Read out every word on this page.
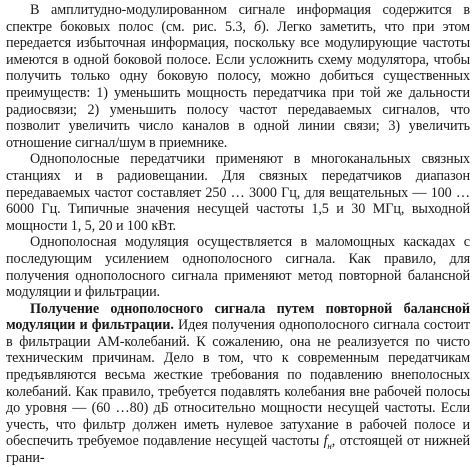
В амплитудно-модулированном сигнале информация содержится в спектре боковых полос (см. рис. 5.3, б). Легко заметить, что при этом передается избыточная информация, поскольку все модулирующие частоты имеются в одной боковой полосе. Если усложнить схему модулятора, чтобы получить только одну боковую полосу, можно добиться существенных преимуществ: 1) уменьшить мощность передатчика при той же дальности радиосвязи; 2) уменьшить полосу частот передаваемых сигналов, что позволит увеличить число каналов в одной линии связи; 3) увеличить отношение сигнал/шум в приемнике.

Однополосные передатчики применяют в многоканальных связных станциях и в радиовещании. Для связных передатчиков диапазон передаваемых частот составляет 250 … 3000 Гц, для вещательных — 100 … 6000 Гц. Типичные значения несущей частоты 1,5 и 30 МГц, выходной мощности 1, 5, 20 и 100 кВт.

Однополосная модуляция осуществляется в маломощных каскадах с последующим усилением однополосного сигнала. Как правило, для получения однополосного сигнала применяют метод повторной балансной модуляции и фильтрации.

Получение однополосного сигнала путем повторной балансной модуляции и фильтрации. Идея получения однополосного сигнала состоит в фильтрации АМ-колебаний. К сожалению, она не реализуется по чисто техническим причинам. Дело в том, что к современным передатчикам предъявляются весьма жесткие требования по подавлению внеполосных колебаний. Как правило, требуется подавлять колебания вне рабочей полосы до уровня — (60 …80) дБ относительно мощности несущей частоты. Если учесть, что фильтр должен иметь нулевое затухание в рабочей полосе и обеспечить требуемое подавление несущей частоты $f_н$, отстоящей от нижней грани-
